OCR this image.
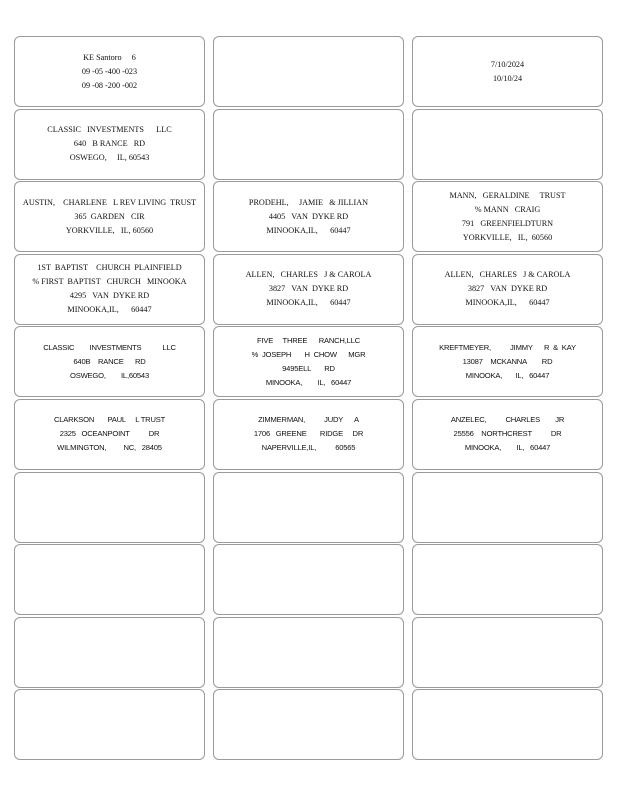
KE Santoro     6
09 -05 -400 -023
09 -08 -200 -002
7/10/2024
10/10/24
CLASSIC   INVESTMENTS      LLC
640   B RANCE   RD
OSWEGO,     IL, 60543
AUSTIN,    CHARLENE   L REV LIVING  TRUST
365  GARDEN   CIR
YORKVILLE,   IL, 60560
PRODEHL,     JAMIE   & JILLIAN
4405   VAN  DYKE RD
MINOOKA,IL,      60447
MANN,   GERALDINE     TRUST
% MANN   CRAIG
791   GREENFIELDTURN
YORKVILLE,   IL,  60560
1ST  BAPTIST    CHURCH  PLAINFIELD
% FIRST  BAPTIST   CHURCH   MINOOKA
4295   VAN  DYKE RD
MINOOKA,IL,      60447
ALLEN,   CHARLES   J & CAROLA
3827   VAN  DYKE RD
MINOOKA,IL,      60447
ALLEN,   CHARLES   J & CAROLA
3827   VAN  DYKE RD
MINOOKA,IL,      60447
CLASSIC        INVESTMENTS           LLC
640B    RANCE      RD
OSWEGO,        IL,60543
FIVE     THREE      RANCH,LLC
%  JOSEPH       H  CHOW      MGR
9495ELL       RD
MINOOKA,        IL,   60447
KREFTMEYER,          JIMMY      R  &  KAY
13087    MCKANNA        RD
MINOOKA,       IL,   60447
CLARKSON       PAUL     L TRUST
2325   OCEANPOINT          DR
WILMINGTON,         NC,   28405
ZIMMERMAN,          JUDY      A
1706   GREENE       RIDGE     DR
NAPERVILLE,IL,          60565
ANZELEC,          CHARLES        JR
25556    NORTHCREST          DR
MINOOKA,        IL,   60447
